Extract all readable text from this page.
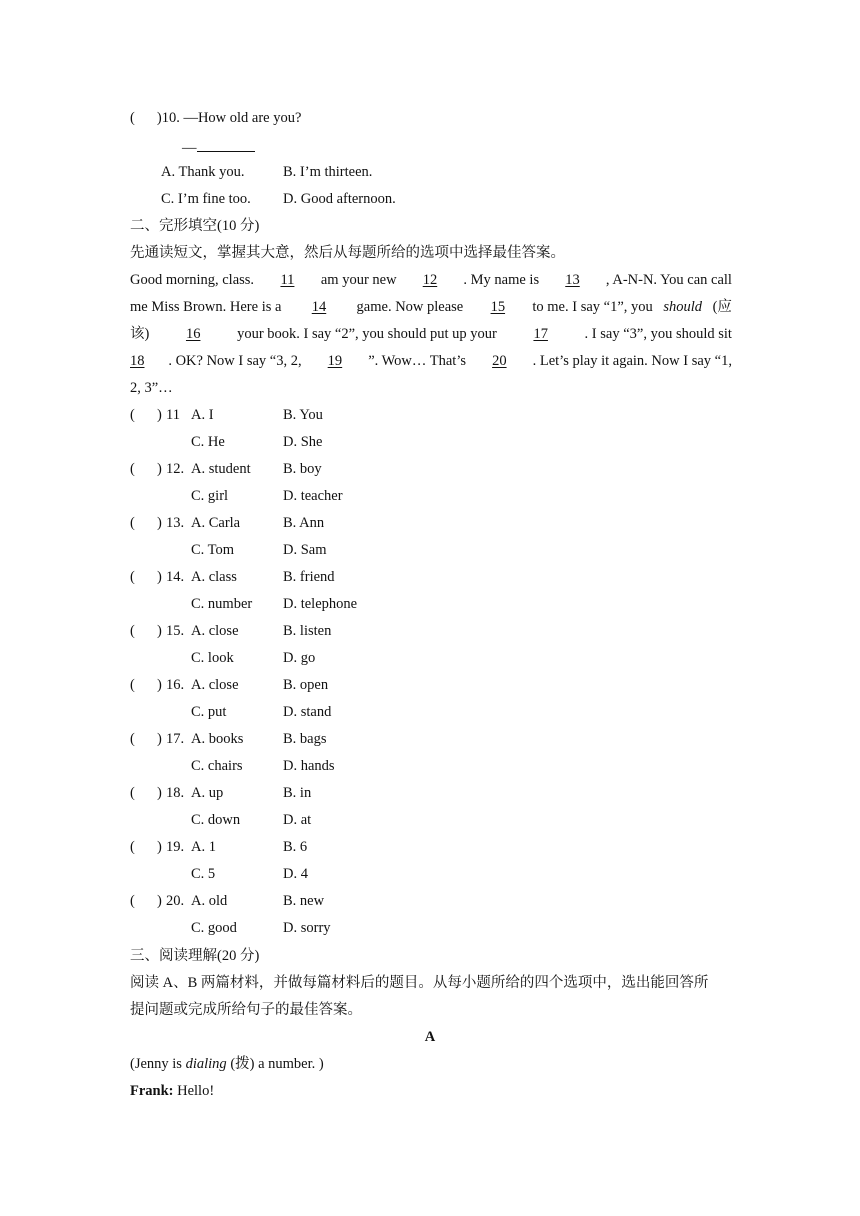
( )10. —How old are you?
—
A. Thank you.	B. I’m thirteen.
C. I’m fine too. D. Good afternoon.
二、完形填空(10 分)
先通读短文，掌握其大意，然后从每题所给的选项中选择最佳答案。
Good morning, class.	11	am your new	12	. My name is	13	, A-N-N. You can call
me Miss Brown. Here is a	14	game. Now please	15	to me. I say “1”, you should (应
该)	16	your book. I say “2”, you should put up your	17	. I say “3”, you should sit
18	. OK? Now I say “3, 2,	19	”. Wow… That’s	20	. Let’s play it again. Now I say “1,
2, 3”…
( ) 11 A. I	B. You
C. He	D. She
( ) 12. A. student B. boy
C. girl	D. teacher
( ) 13. A. Carla	B. Ann
C. Tom	D. Sam
( ) 14. A. class	B. friend
C. number D. telephone
( ) 15. A. close	B. listen
C. look	D. go
( ) 16. A. close	B. open
C. put	D. stand
( ) 17. A. books	B. bags
C. chairs	D. hands
( ) 18. A. up	B. in
C. down	D. at
( ) 19. A. 1	B. 6
C. 5	D. 4
( ) 20. A. old	B. new
C. good	D. sorry
三、阅读理解(20 分)
阅读 A、B 两篇材料，并做每篇材料后的题目。从每小题所给的四个选项中，选出能回答所
提问题或完成所给句子的最佳答案。
A
(Jenny is dialing (拨) a number. )
Frank: Hello!
